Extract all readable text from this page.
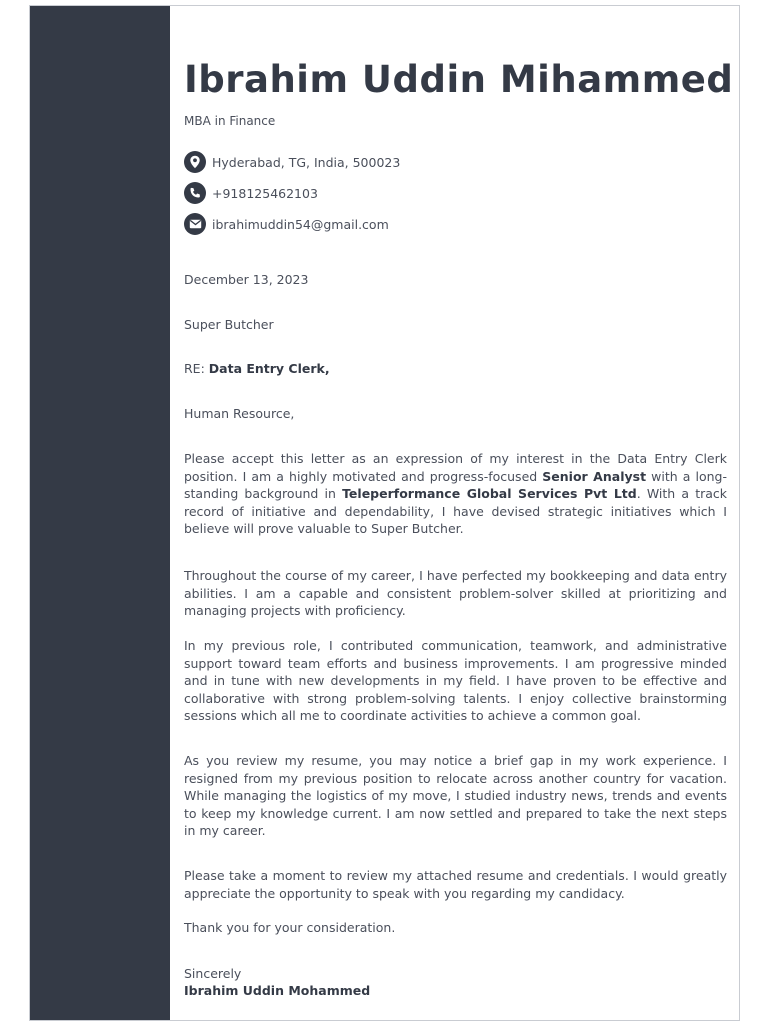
Ibrahim Uddin Mihammed
MBA in Finance
Hyderabad, TG, India, 500023
+918125462103
ibrahimuddin54@gmail.com
December 13, 2023
Super Butcher
RE: Data Entry Clerk,
Human Resource,

Please accept this letter as an expression of my interest in the Data Entry Clerk position. I am a highly motivated and progress-focused Senior Analyst with a long-standing background in Teleperformance Global Services Pvt Ltd. With a track record of initiative and dependability, I have devised strategic initiatives which I believe will prove valuable to Super Butcher.

Throughout the course of my career, I have perfected my bookkeeping and data entry abilities. I am a capable and consistent problem-solver skilled at prioritizing and managing projects with proficiency.

In my previous role, I contributed communication, teamwork, and administrative support toward team efforts and business improvements. I am progressive minded and in tune with new developments in my field. I have proven to be effective and collaborative with strong problem-solving talents. I enjoy collective brainstorming sessions which all me to coordinate activities to achieve a common goal.

As you review my resume, you may notice a brief gap in my work experience. I resigned from my previous position to relocate across another country for vacation. While managing the logistics of my move, I studied industry news, trends and events to keep my knowledge current. I am now settled and prepared to take the next steps in my career.

Please take a moment to review my attached resume and credentials. I would greatly appreciate the opportunity to speak with you regarding my candidacy.

Thank you for your consideration.
Sincerely
Ibrahim Uddin Mohammed
